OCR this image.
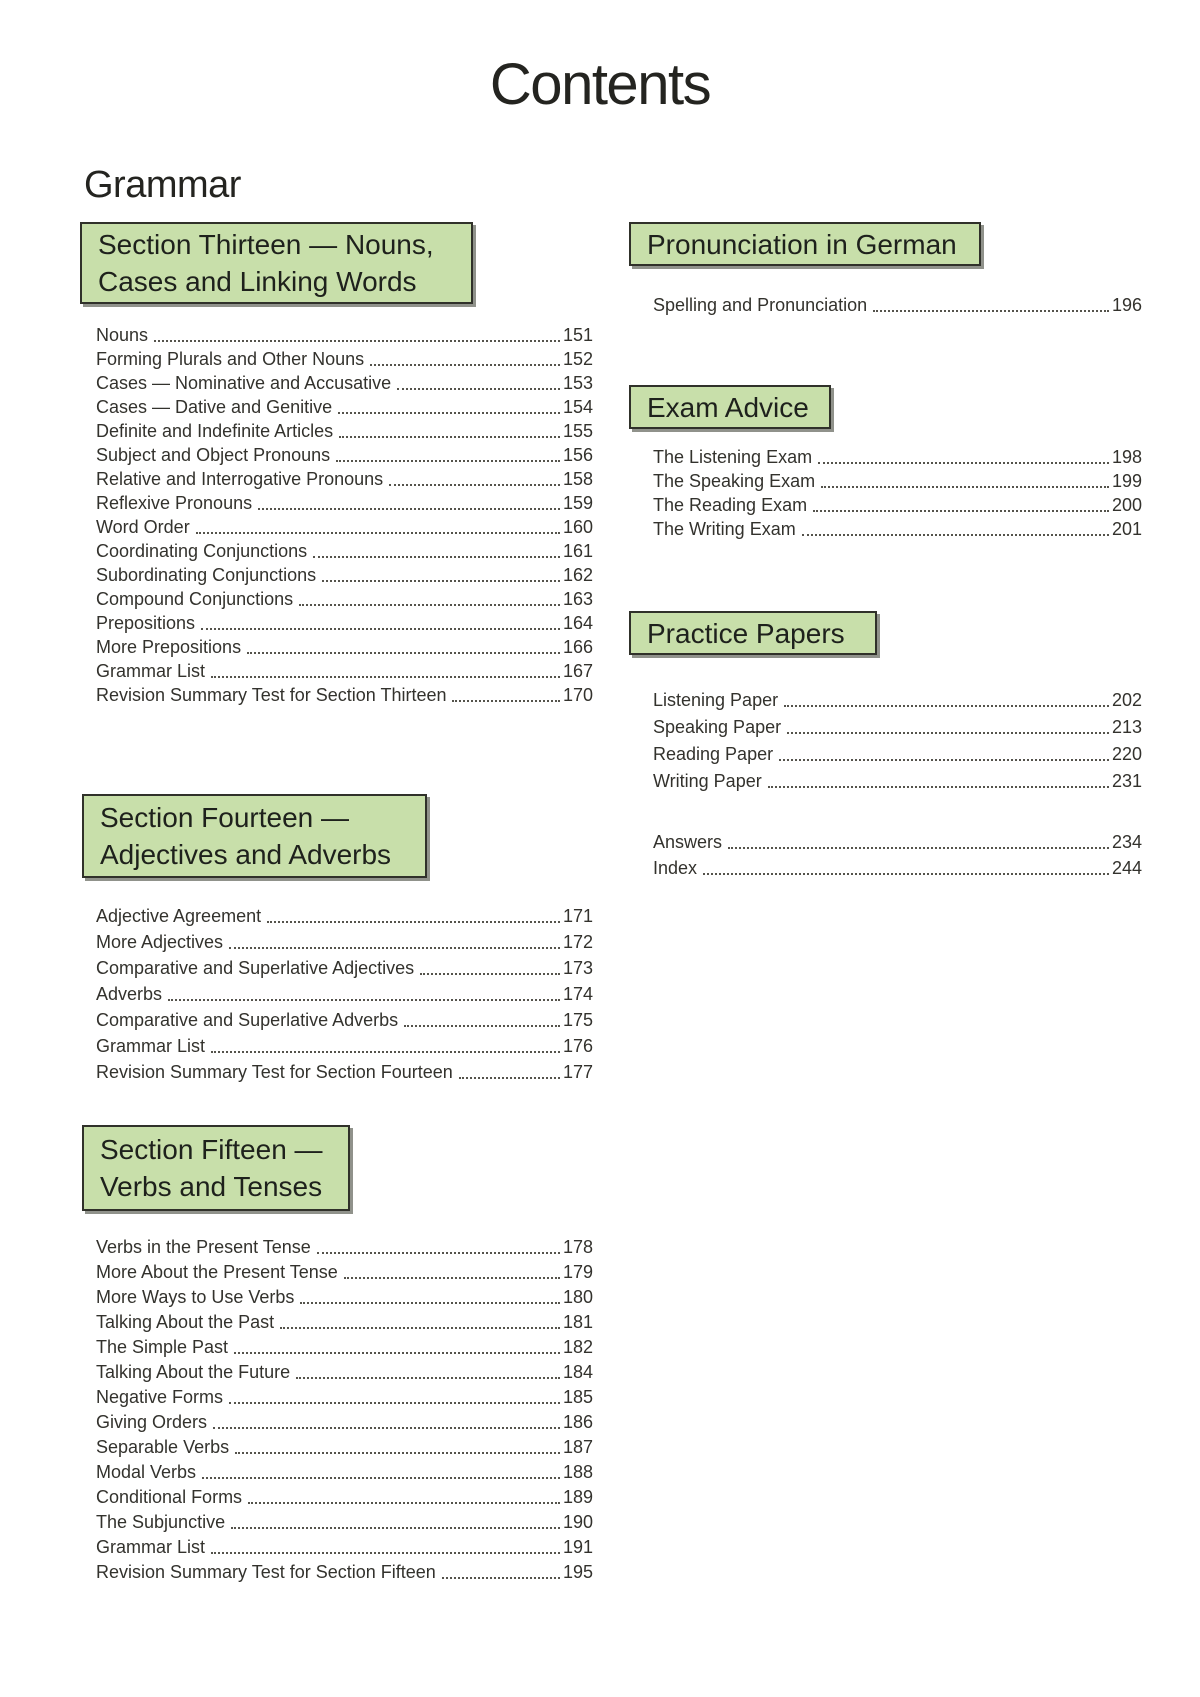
Contents
Grammar
Section Thirteen — Nouns,
Cases and Linking Words
Nouns	151
Forming Plurals and Other Nouns	152
Cases — Nominative and Accusative	153
Cases — Dative and Genitive	154
Definite and Indefinite Articles	155
Subject and Object Pronouns	156
Relative and Interrogative Pronouns	158
Reflexive Pronouns	159
Word Order	160
Coordinating Conjunctions	161
Subordinating Conjunctions	162
Compound Conjunctions	163
Prepositions	164
More Prepositions	166
Grammar List	167
Revision Summary Test for Section Thirteen	170
Section Fourteen —
Adjectives and Adverbs
Adjective Agreement	171
More Adjectives	172
Comparative and Superlative Adjectives	173
Adverbs	174
Comparative and Superlative Adverbs	175
Grammar List	176
Revision Summary Test for Section Fourteen	177
Section Fifteen —
Verbs and Tenses
Verbs in the Present Tense	178
More About the Present Tense	179
More Ways to Use Verbs	180
Talking About the Past	181
The Simple Past	182
Talking About the Future	184
Negative Forms	185
Giving Orders	186
Separable Verbs	187
Modal Verbs	188
Conditional Forms	189
The Subjunctive	190
Grammar List	191
Revision Summary Test for Section Fifteen	195
Pronunciation in German
Spelling and Pronunciation	196
Exam Advice
The Listening Exam	198
The Speaking Exam	199
The Reading Exam	200
The Writing Exam	201
Practice Papers
Listening Paper	202
Speaking Paper	213
Reading Paper	220
Writing Paper	231
Answers	234
Index	244
